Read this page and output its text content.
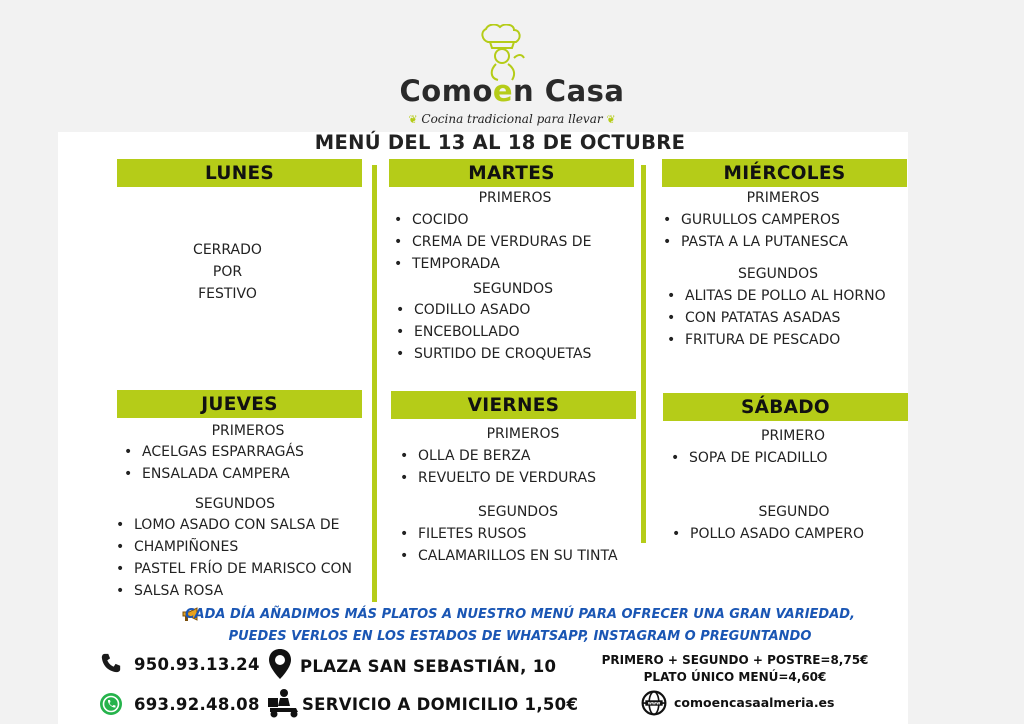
Comoen Casa
❦ Cocina tradicional para llevar ❦
MENÚ DEL 13 AL 18 DE OCTUBRE
LUNES
CERRADO
POR
FESTIVO
MARTES
PRIMEROS
• COCIDO
• CREMA DE VERDURAS DE
• TEMPORADA
SEGUNDOS
• CODILLO ASADO
• ENCEBOLLADO
• SURTIDO DE CROQUETAS
MIÉRCOLES
PRIMEROS
• GURULLOS CAMPEROS
• PASTA A LA PUTANESCA
SEGUNDOS
• ALITAS DE POLLO AL HORNO
• CON PATATAS ASADAS
• FRITURA DE PESCADO
JUEVES
PRIMEROS
• ACELGAS ESPARRAGÁS
• ENSALADA CAMPERA
SEGUNDOS
• LOMO ASADO CON SALSA DE
• CHAMPIÑONES
• PASTEL FRÍO DE MARISCO CON
• SALSA ROSA
VIERNES
PRIMEROS
• OLLA DE BERZA
• REVUELTO DE VERDURAS
SEGUNDOS
• FILETES RUSOS
• CALAMARILLOS EN SU TINTA
SÁBADO
PRIMERO
• SOPA DE PICADILLO
SEGUNDO
• POLLO ASADO CAMPERO
CADA DÍA AÑADIMOS MÁS PLATOS A NUESTRO MENÚ PARA OFRECER UNA GRAN VARIEDAD,
PUEDES VERLOS EN LOS ESTADOS DE WHATSAPP, INSTAGRAM O PREGUNTANDO
950.93.13.24 PLAZA SAN SEBASTIÁN, 10	PRIMERO + SEGUNDO + POSTRE=8,75€
PLATO ÚNICO MENÚ=4,60€
693.92.48.08	SERVICIO A DOMICILIO 1,50€	www comoencasaalmeria.es
